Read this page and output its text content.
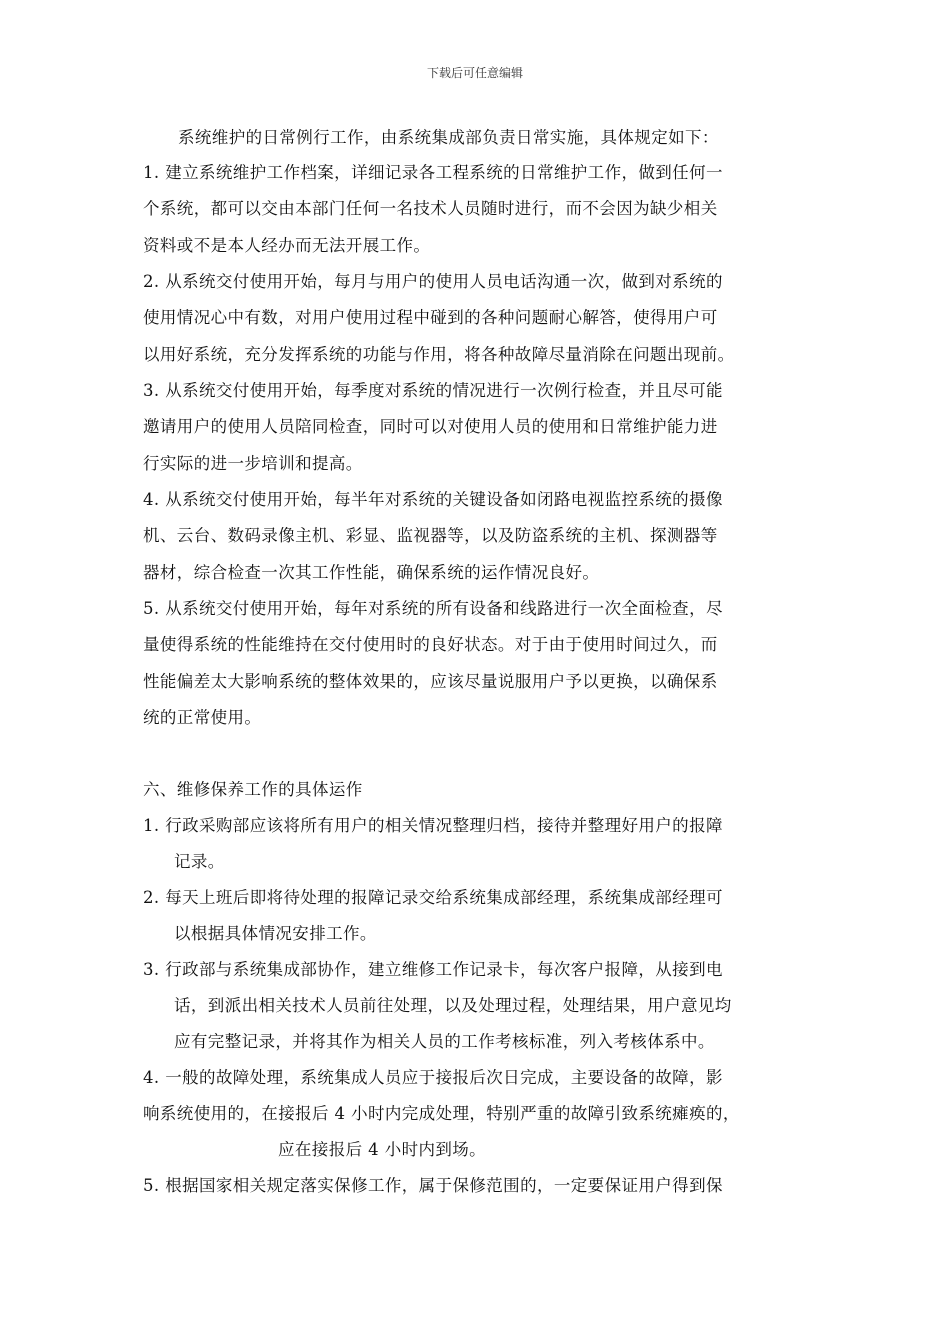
下载后可任意编辑
系统维护的日常例行工作，由系统集成部负责日常实施，具体规定如下：
1. 建立系统维护工作档案，详细记录各工程系统的日常维护工作，做到任何一
个系统，都可以交由本部门任何一名技术人员随时进行，而不会因为缺少相关
资料或不是本人经办而无法开展工作。
2. 从系统交付使用开始，每月与用户的使用人员电话沟通一次，做到对系统的
使用情况心中有数，对用户使用过程中碰到的各种问题耐心解答，使得用户可
以用好系统，充分发挥系统的功能与作用，将各种故障尽量消除在问题出现前。
3. 从系统交付使用开始，每季度对系统的情况进行一次例行检查，并且尽可能
邀请用户的使用人员陪同检查，同时可以对使用人员的使用和日常维护能力进
行实际的进一步培训和提高。
4. 从系统交付使用开始，每半年对系统的关键设备如闭路电视监控系统的摄像
机、云台、数码录像主机、彩显、监视器等，以及防盗系统的主机、探测器等
器材，综合检查一次其工作性能，确保系统的运作情况良好。
5. 从系统交付使用开始，每年对系统的所有设备和线路进行一次全面检查，尽
量使得系统的性能维持在交付使用时的良好状态。对于由于使用时间过久，而
性能偏差太大影响系统的整体效果的，应该尽量说服用户予以更换，以确保系
统的正常使用。
六、维修保养工作的具体运作
1. 行政采购部应该将所有用户的相关情况整理归档，接待并整理好用户的报障
记录。
2. 每天上班后即将待处理的报障记录交给系统集成部经理，系统集成部经理可
以根据具体情况安排工作。
3. 行政部与系统集成部协作，建立维修工作记录卡，每次客户报障，从接到电
话，到派出相关技术人员前往处理，以及处理过程，处理结果，用户意见均
应有完整记录，并将其作为相关人员的工作考核标准，列入考核体系中。
4. 一般的故障处理，系统集成人员应于接报后次日完成，主要设备的故障，影
响系统使用的，在接报后 4 小时内完成处理，特别严重的故障引致系统瘫痪的，
应在接报后 4 小时内到场。
5. 根据国家相关规定落实保修工作，属于保修范围的，一定要保证用户得到保
